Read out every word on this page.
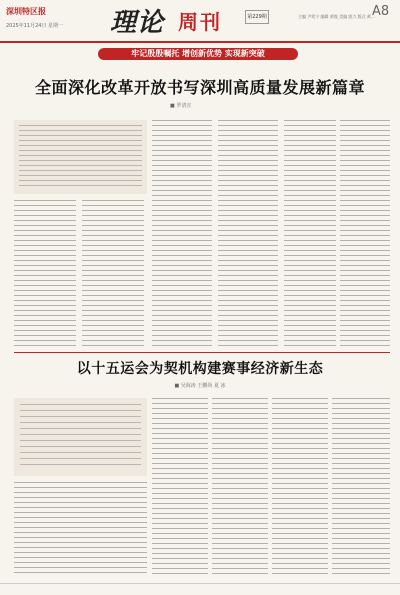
深圳特区报
2025年11月24日 星期一 理论 周刊	第229期	主编 尹希宁 编辑 黄俊 美编 凯力 版式 黄…
A8
牢记殷殷嘱托 增创新优势 实现新突破
全面深化改革开放书写深圳高质量发展新篇章
■ 罗清宣
以十五运会为契机构建赛事经济新生态
■ 吴海涛 王鹏尚 夏 冰
